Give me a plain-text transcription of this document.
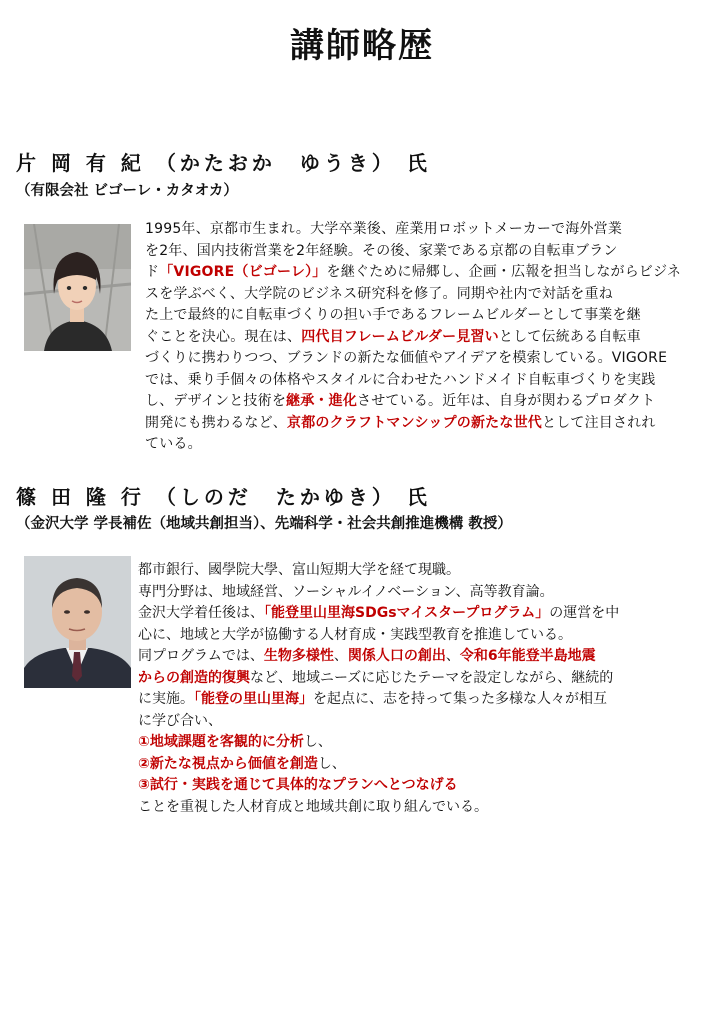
講師略歴
片 岡 有 紀 （かたおか　ゆうき） 氏
（有限会社 ビゴーレ・カタオカ）
1995年、京都市生まれ。大学卒業後、産業用ロボットメーカーで海外営業
を2年、国内技術営業を2年経験。その後、家業である京都の自転車ブラン
ド「VIGORE（ビゴーレ）」を継ぐために帰郷し、企画・広報を担当しながらビジネ
スを学ぶべく、大学院のビジネス研究科を修了。同期や社内で対話を重ね
た上で最終的に自転車づくりの担い手であるフレームビルダーとして事業を継
ぐことを決心。現在は、四代目フレームビルダー見習いとして伝統ある自転車
づくりに携わりつつ、ブランドの新たな価値やアイデアを模索している。VIGORE
では、乗り手個々の体格やスタイルに合わせたハンドメイド自転車づくりを実践
し、デザインと技術を継承・進化させている。近年は、自身が関わるプロダクト
開発にも携わるなど、京都のクラフトマンシップの新たな世代として注目されれ
ている。
篠 田 隆 行 （しのだ　たかゆき） 氏
（金沢大学 学長補佐（地域共創担当）、先端科学・社会共創推進機構 教授）
都市銀行、國學院大學、富山短期大学を経て現職。
専門分野は、地域経営、ソーシャルイノベーション、高等教育論。
金沢大学着任後は、「能登里山里海SDGsマイスタープログラム」の運営を中
心に、地域と大学が協働する人材育成・実践型教育を推進している。
同プログラムでは、生物多様性、関係人口の創出、令和6年能登半島地震
からの創造的復興など、地域ニーズに応じたテーマを設定しながら、継続的
に実施。「能登の里山里海」を起点に、志を持って集った多様な人々が相互
に学び合い、
①地域課題を客観的に分析し、
②新たな視点から価値を創造し、
③試行・実践を通じて具体的なプランへとつなげる
ことを重視した人材育成と地域共創に取り組んでいる。
